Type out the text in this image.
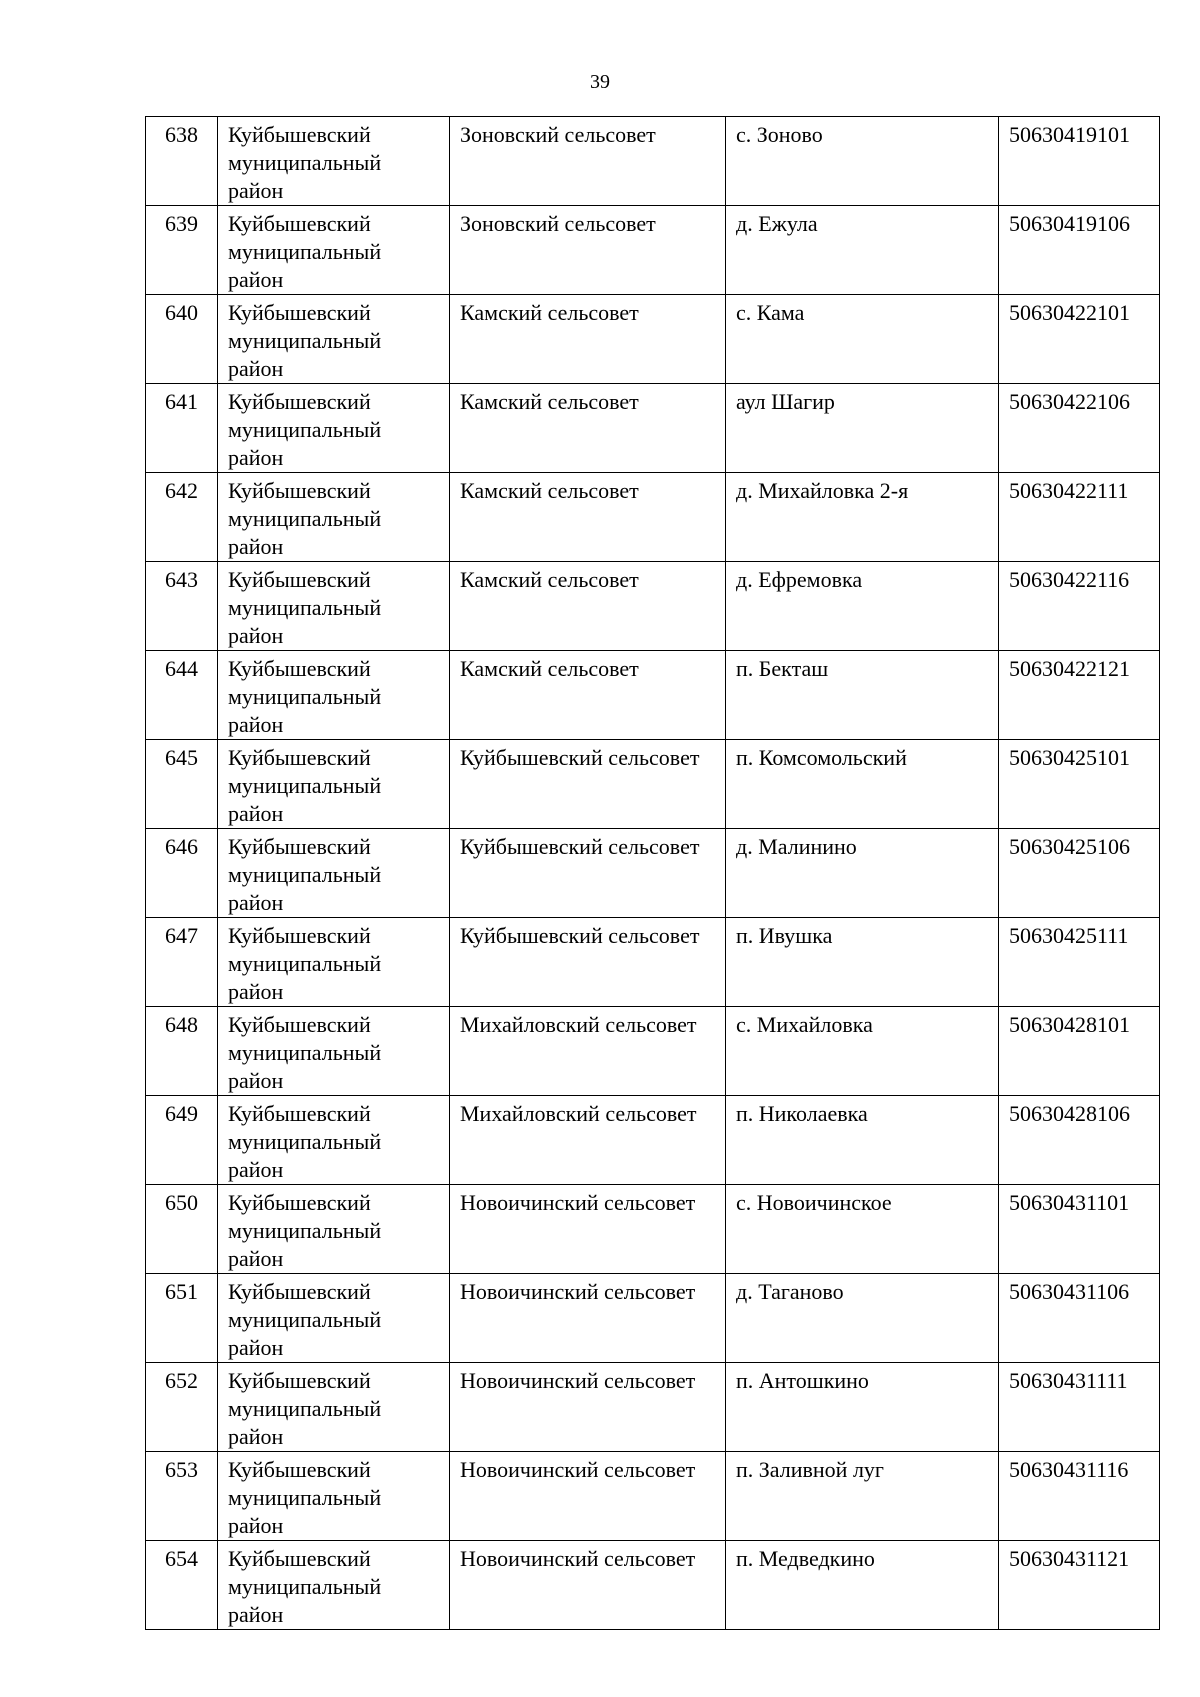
39
638	Куйбышевский муниципальный район	Зоновский сельсовет	с. Зоново	50630419101
639	Куйбышевский муниципальный район	Зоновский сельсовет	д. Ежула	50630419106
640	Куйбышевский муниципальный район	Камский сельсовет	с. Кама	50630422101
641	Куйбышевский муниципальный район	Камский сельсовет	аул Шагир	50630422106
642	Куйбышевский муниципальный район	Камский сельсовет	д. Михайловка 2-я	50630422111
643	Куйбышевский муниципальный район	Камский сельсовет	д. Ефремовка	50630422116
644	Куйбышевский муниципальный район	Камский сельсовет	п. Бекташ	50630422121
645	Куйбышевский муниципальный район	Куйбышевский сельсовет	п. Комсомольский	50630425101
646	Куйбышевский муниципальный район	Куйбышевский сельсовет	д. Малинино	50630425106
647	Куйбышевский муниципальный район	Куйбышевский сельсовет	п. Ивушка	50630425111
648	Куйбышевский муниципальный район	Михайловский сельсовет	с. Михайловка	50630428101
649	Куйбышевский муниципальный район	Михайловский сельсовет	п. Николаевка	50630428106
650	Куйбышевский муниципальный район	Новоичинский сельсовет	с. Новоичинское	50630431101
651	Куйбышевский муниципальный район	Новоичинский сельсовет	д. Таганово	50630431106
652	Куйбышевский муниципальный район	Новоичинский сельсовет	п. Антошкино	50630431111
653	Куйбышевский муниципальный район	Новоичинский сельсовет	п. Заливной луг	50630431116
654	Куйбышевский муниципальный район	Новоичинский сельсовет	п. Медведкино	50630431121
